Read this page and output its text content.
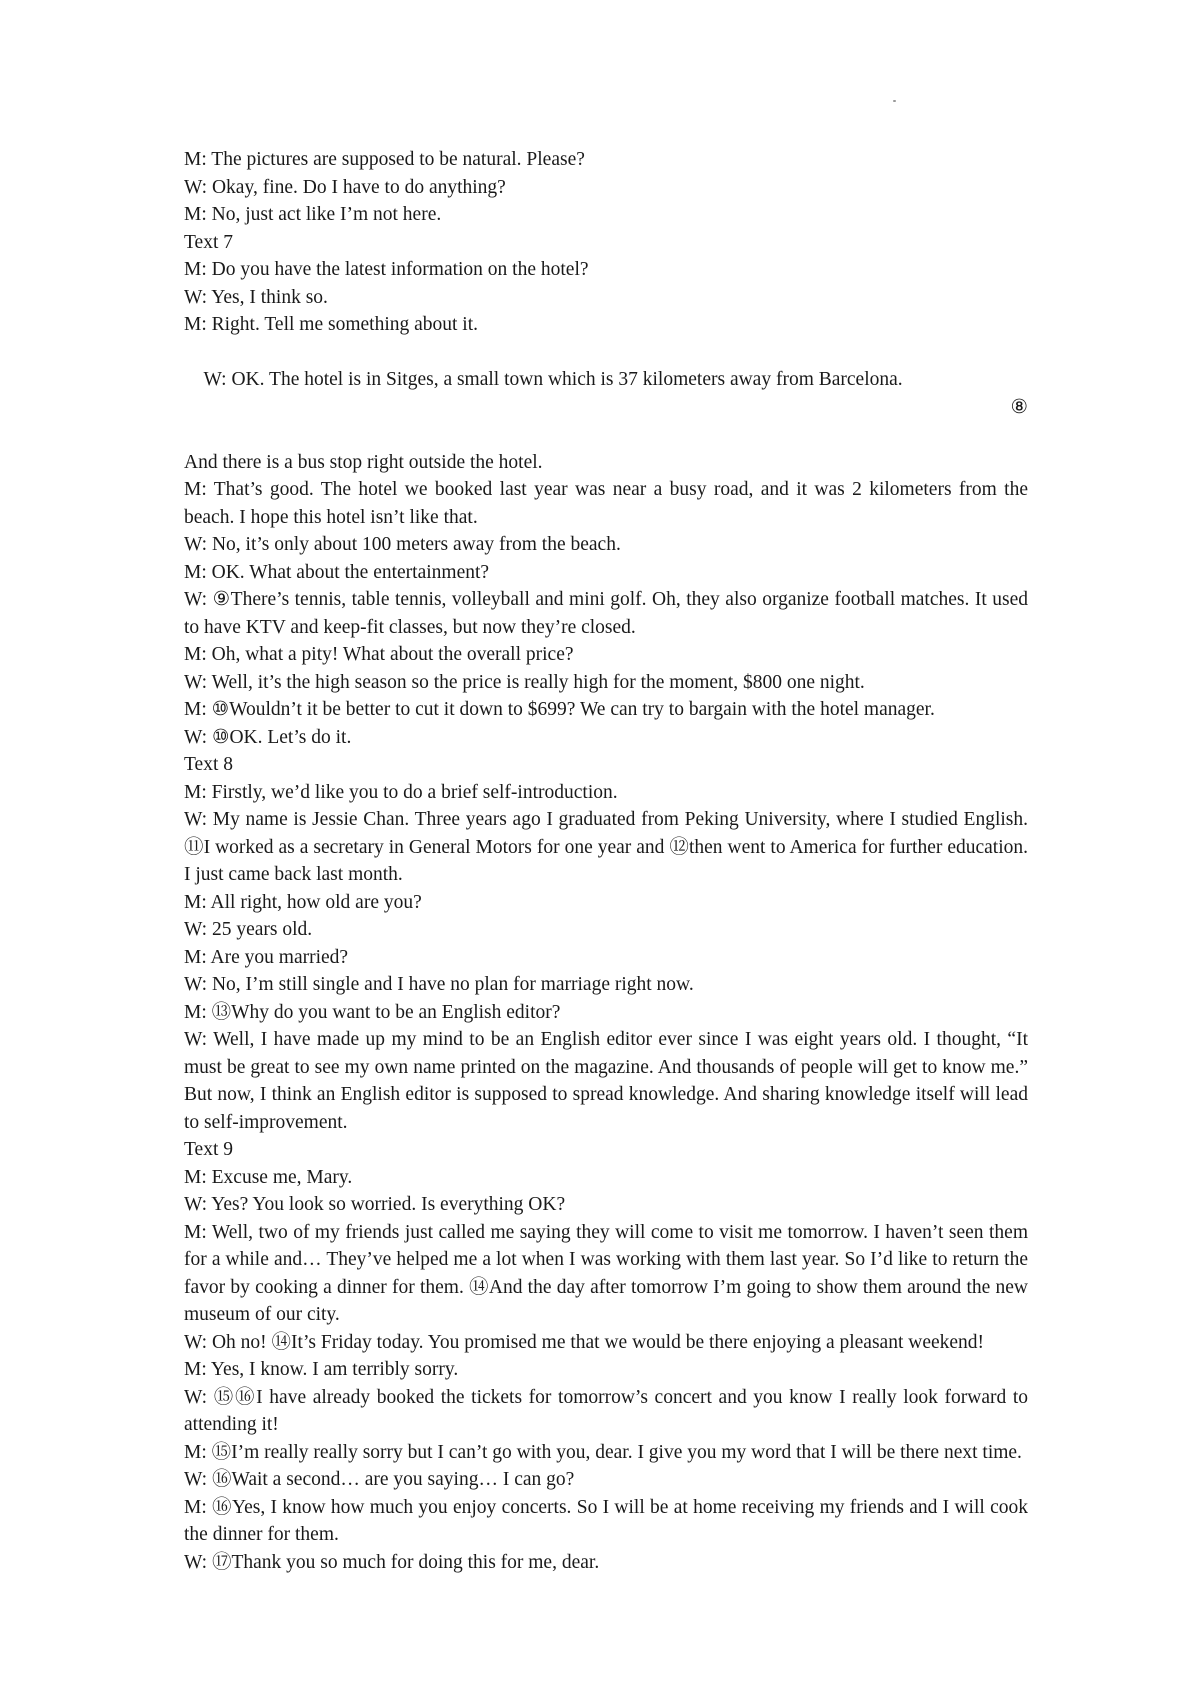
M: The pictures are supposed to be natural. Please?
W: Okay, fine. Do I have to do anything?
M: No, just act like I’m not here.
Text 7
M: Do you have the latest information on the hotel?
W: Yes, I think so.
M: Right. Tell me something about it.

W: OK. The hotel is in Sitges, a small town which is 37 kilometers away from Barcelona.

⑧

And there is a bus stop right outside the hotel.
M: That’s good. The hotel we booked last year was near a busy road, and it was 2 kilometers from the beach. I hope this hotel isn’t like that.
W: No, it’s only about 100 meters away from the beach.
M: OK. What about the entertainment?
W: ⑨There’s tennis, table tennis, volleyball and mini golf. Oh, they also organize football matches. It used to have KTV and keep-fit classes, but now they’re closed.
M: Oh, what a pity! What about the overall price?
W: Well, it’s the high season so the price is really high for the moment, $800 one night.
M: ⑩Wouldn’t it be better to cut it down to $699? We can try to bargain with the hotel manager.
W: ⑩OK. Let’s do it.
Text 8
M: Firstly, we’d like you to do a brief self-introduction.
W: My name is Jessie Chan. Three years ago I graduated from Peking University, where I studied English. ⑪I worked as a secretary in General Motors for one year and ⑫then went to America for further education. I just came back last month.
M: All right, how old are you?
W: 25 years old.
M: Are you married?
W: No, I’m still single and I have no plan for marriage right now.
M: ⑬Why do you want to be an English editor?
W: Well, I have made up my mind to be an English editor ever since I was eight years old. I thought, “It must be great to see my own name printed on the magazine. And thousands of people will get to know me.” But now, I think an English editor is supposed to spread knowledge. And sharing knowledge itself will lead to self-improvement.
Text 9
M: Excuse me, Mary.
W: Yes? You look so worried. Is everything OK?
M: Well, two of my friends just called me saying they will come to visit me tomorrow. I haven’t seen them for a while and… They’ve helped me a lot when I was working with them last year. So I’d like to return the favor by cooking a dinner for them. ⑭And the day after tomorrow I’m going to show them around the new museum of our city.
W: Oh no! ⑭It’s Friday today. You promised me that we would be there enjoying a pleasant weekend!
M: Yes, I know. I am terribly sorry.
W: ⑮⑯I have already booked the tickets for tomorrow’s concert and you know I really look forward to attending it!
M: ⑮I’m really really sorry but I can’t go with you, dear. I give you my word that I will be there next time.
W: ⑯Wait a second… are you saying… I can go?
M: ⑯Yes, I know how much you enjoy concerts. So I will be at home receiving my friends and I will cook the dinner for them.
W: ⑰Thank you so much for doing this for me, dear.
